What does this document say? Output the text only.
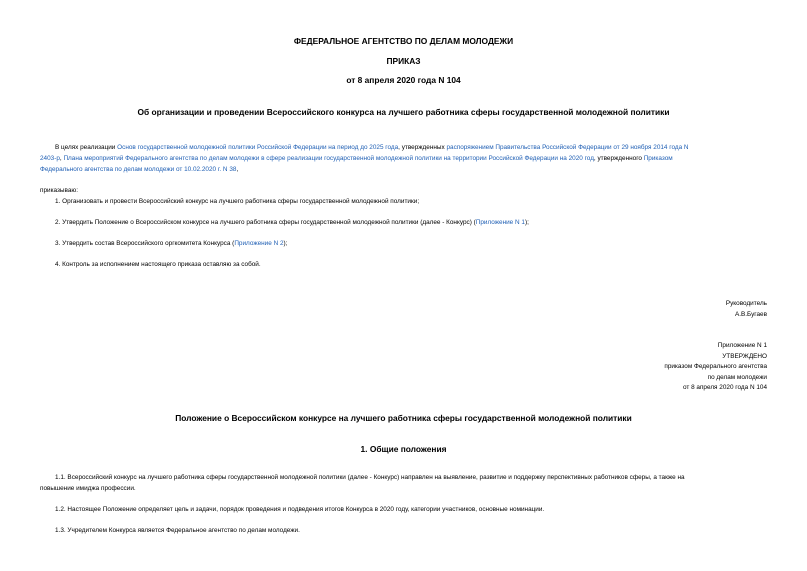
ФЕДЕРАЛЬНОЕ АГЕНТСТВО ПО ДЕЛАМ МОЛОДЕЖИ
ПРИКАЗ
от 8 апреля 2020 года N 104
Об организации и проведении Всероссийского конкурса на лучшего работника сферы государственной молодежной политики
В целях реализации Основ государственной молодежной политики Российской Федерации на период до 2025 года, утвержденных распоряжением Правительства Российской Федерации от 29 ноября 2014 года N
2403-р, Плана мероприятий Федерального агентства по делам молодежи в сфере реализации государственной молодежной политики на территории Российской Федерации на 2020 год, утвержденного Приказом
Федерального агентства по делам молодежи от 10.02.2020 г. N 38,
приказываю:
1. Организовать и провести Всероссийский конкурс на лучшего работника сферы государственной молодежной политики;
2. Утвердить Положение о Всероссийском конкурсе на лучшего работника сферы государственной молодежной политики (далее - Конкурс) (Приложение N 1);
3. Утвердить состав Всероссийского оргкомитета Конкурса (Приложение N 2);
4. Контроль за исполнением настоящего приказа оставляю за собой.
Руководитель
А.В.Бугаев
Приложение N 1
УТВЕРЖДЕНО
приказом Федерального агентства
по делам молодежи
от 8 апреля 2020 года N 104
Положение о Всероссийском конкурсе на лучшего работника сферы государственной молодежной политики
1. Общие положения
1.1. Всероссийский конкурс на лучшего работника сферы государственной молодежной политики (далее - Конкурс) направлен на выявление, развитие и поддержку перспективных работников сферы, а также на
повышение имиджа профессии.
1.2. Настоящее Положение определяет цель и задачи, порядок проведения и подведения итогов Конкурса в 2020 году, категории участников, основные номинации.
1.3. Учредителем Конкурса является Федеральное агентство по делам молодежи.
